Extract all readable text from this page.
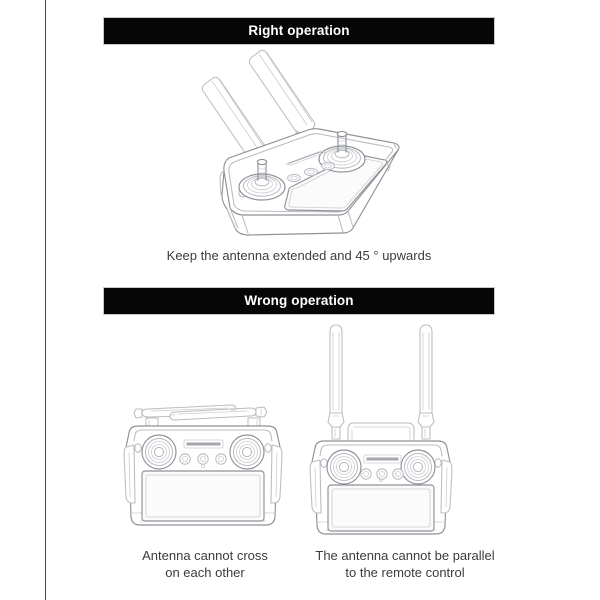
Right operation
Keep the antenna extended and 45 ° upwards
Wrong operation
Antenna cannot cross
on each other
The antenna cannot be parallel
to the remote control
